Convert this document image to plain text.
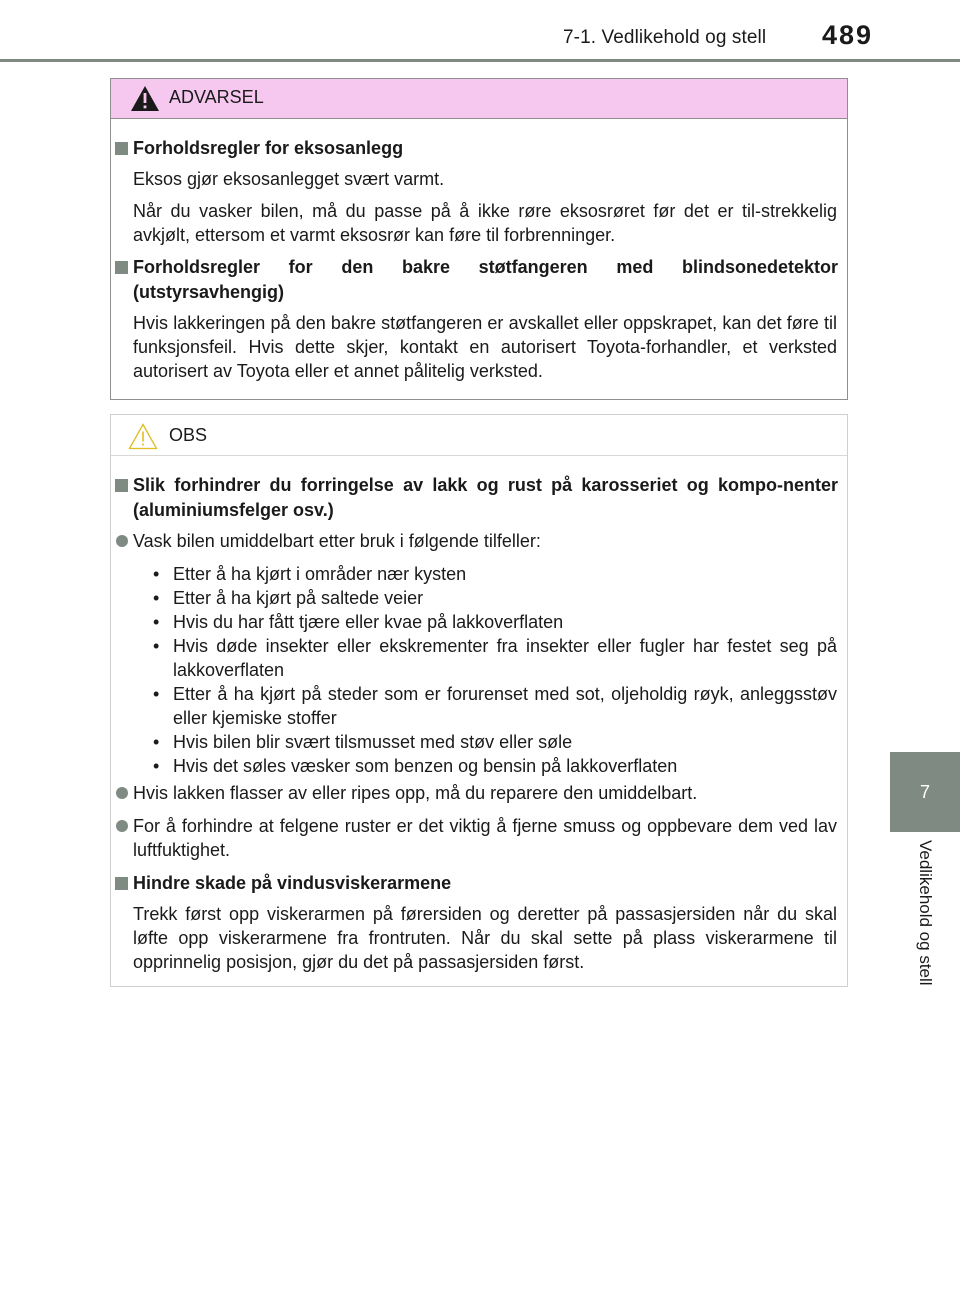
7-1. Vedlikehold og stell	489
7
Vedlikehold og stell
ADVARSEL
Forholdsregler for eksosanlegg

Eksos gjør eksosanlegget svært varmt.

Når du vasker bilen, må du passe på å ikke røre eksosrøret før det er til-strekkelig avkjølt, ettersom et varmt eksosrør kan føre til forbrenninger.

Forholdsregler for den bakre støtfangeren med blindsonedetektor (utstyrsavhengig)

Hvis lakkeringen på den bakre støtfangeren er avskallet eller oppskrapet, kan det føre til funksjonsfeil. Hvis dette skjer, kontakt en autorisert Toyota-forhandler, et verksted autorisert av Toyota eller et annet pålitelig verksted.

OBS
Slik forhindrer du forringelse av lakk og rust på karosseriet og kompo-nenter (aluminiumsfelger osv.)
Vask bilen umiddelbart etter bruk i følgende tilfeller:
• Etter å ha kjørt i områder nær kysten
• Etter å ha kjørt på saltede veier
• Hvis du har fått tjære eller kvae på lakkoverflaten
• Hvis døde insekter eller ekskrementer fra insekter eller fugler har festet seg på lakkoverflaten
• Etter å ha kjørt på steder som er forurenset med sot, oljeholdig røyk, anleggsstøv eller kjemiske stoffer
• Hvis bilen blir svært tilsmusset med støv eller søle
• Hvis det søles væsker som benzen og bensin på lakkoverflaten
Hvis lakken flasser av eller ripes opp, må du reparere den umiddelbart.
For å forhindre at felgene ruster er det viktig å fjerne smuss og oppbevare dem ved lav luftfuktighet.
Hindre skade på vindusviskerarmene

Trekk først opp viskerarmen på førersiden og deretter på passasjersiden når du skal løfte opp viskerarmene fra frontruten. Når du skal sette på plass viskerarmene til opprinnelig posisjon, gjør du det på passasjersiden først.
